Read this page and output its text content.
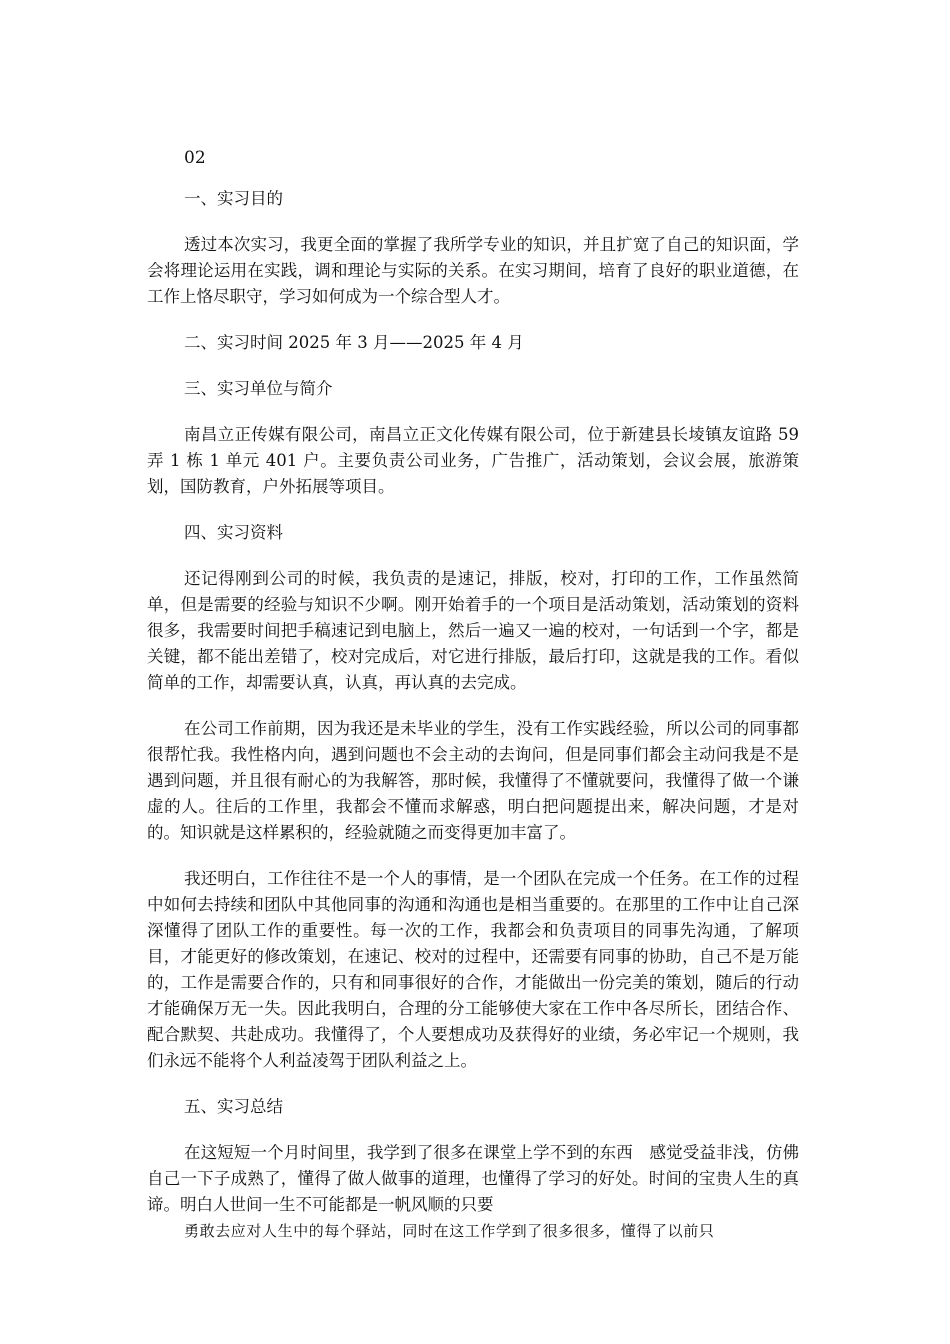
02

一、实习目的

透过本次实习，我更全面的掌握了我所学专业的知识，并且扩宽了自己的知识面，学会将理论运用在实践，调和理论与实际的关系。在实习期间，培育了良好的职业道德，在工作上恪尽职守，学习如何成为一个综合型人才。

二、实习时间 2025 年 3 月——2025 年 4 月

三、实习单位与简介

南昌立正传媒有限公司，南昌立正文化传媒有限公司，位于新建县长堎镇友谊路 59 弄 1 栋 1 单元 401 户。主要负责公司业务，广告推广，活动策划，会议会展，旅游策划，国防教育，户外拓展等项目。

四、实习资料

还记得刚到公司的时候，我负责的是速记，排版，校对，打印的工作，工作虽然简单，但是需要的经验与知识不少啊。刚开始着手的一个项目是活动策划，活动策划的资料很多，我需要时间把手稿速记到电脑上，然后一遍又一遍的校对，一句话到一个字，都是关键，都不能出差错了，校对完成后，对它进行排版，最后打印，这就是我的工作。看似简单的工作，却需要认真，认真，再认真的去完成。

在公司工作前期，因为我还是未毕业的学生，没有工作实践经验，所以公司的同事都很帮忙我。我性格内向，遇到问题也不会主动的去询问，但是同事们都会主动问我是不是遇到问题，并且很有耐心的为我解答，那时候，我懂得了不懂就要问，我懂得了做一个谦虚的人。往后的工作里，我都会不懂而求解惑，明白把问题提出来，解决问题，才是对的。知识就是这样累积的，经验就随之而变得更加丰富了。

我还明白，工作往往不是一个人的事情，是一个团队在完成一个任务。在工作的过程中如何去持续和团队中其他同事的沟通和沟通也是相当重要的。在那里的工作中让自己深深懂得了团队工作的重要性。每一次的工作，我都会和负责项目的同事先沟通，了解项目，才能更好的修改策划，在速记、校对的过程中，还需要有同事的协助，自己不是万能的，工作是需要合作的，只有和同事很好的合作，才能做出一份完美的策划，随后的行动才能确保万无一失。因此我明白，合理的分工能够使大家在工作中各尽所长，团结合作、配合默契、共赴成功。我懂得了，个人要想成功及获得好的业绩，务必牢记一个规则，我们永远不能将个人利益凌驾于团队利益之上。

五、实习总结

在这短短一个月时间里，我学到了很多在课堂上学不到的东西　感觉受益非浅，仿佛自己一下子成熟了，懂得了做人做事的道理，也懂得了学习的好处。时间的宝贵人生的真谛。明白人世间一生不可能都是一帆风顺的只要
勇敢去应对人生中的每个驿站，同时在这工作学到了很多很多，懂得了以前只
